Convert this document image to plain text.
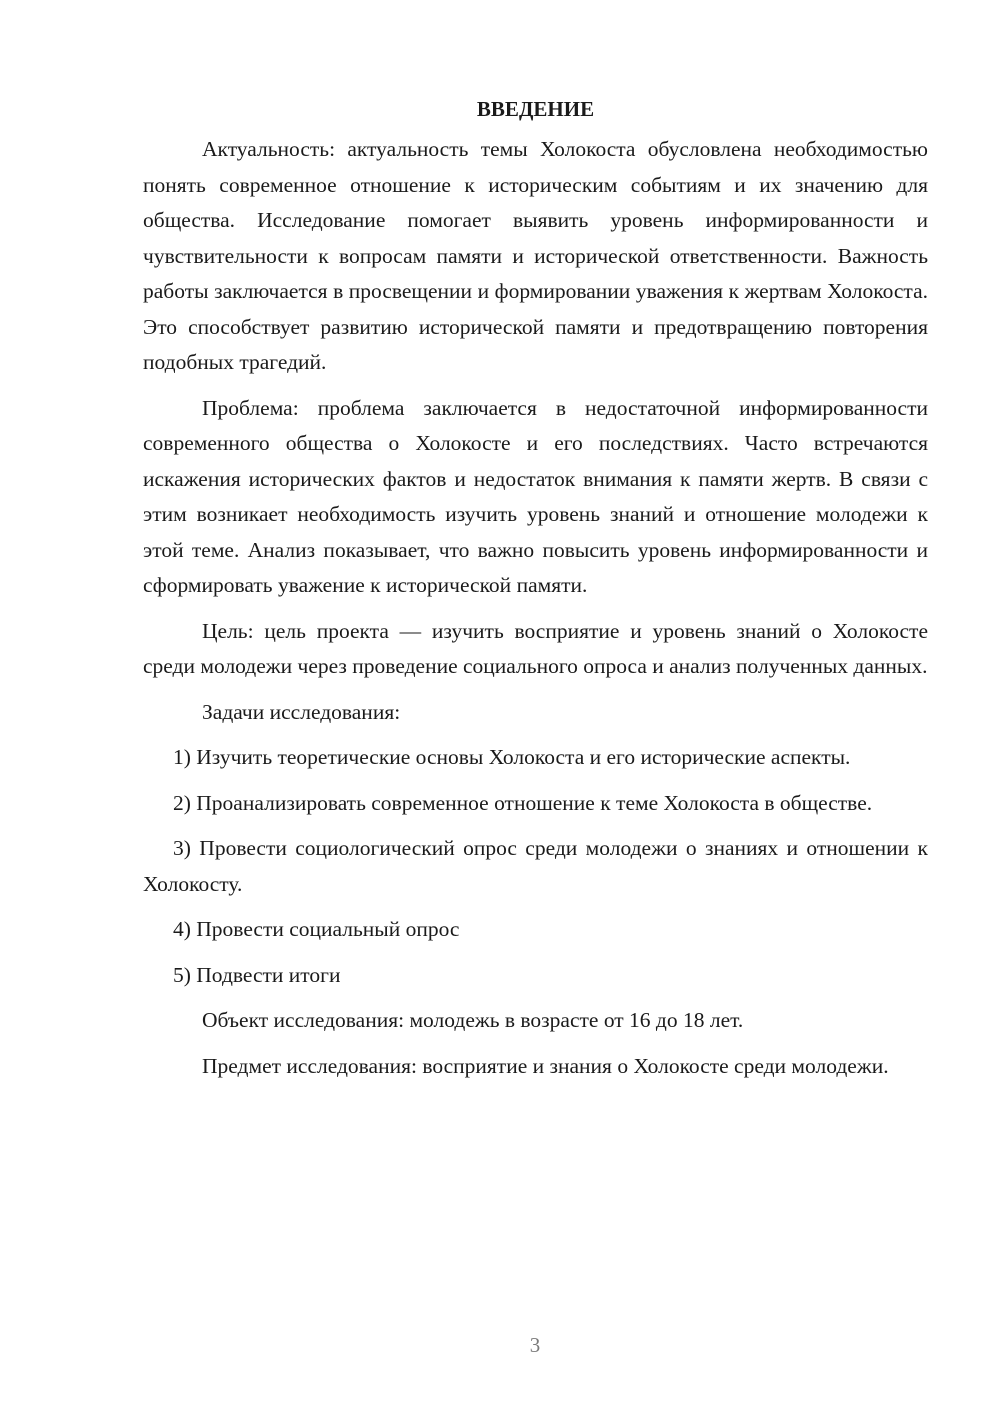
ВВЕДЕНИЕ

Актуальность: актуальность темы Холокоста обусловлена необходимостью понять современное отношение к историческим событиям и их значению для общества. Исследование помогает выявить уровень информированности и чувствительности к вопросам памяти и исторической ответственности. Важность работы заключается в просвещении и формировании уважения к жертвам Холокоста. Это способствует развитию исторической памяти и предотвращению повторения подобных трагедий.

Проблема: проблема заключается в недостаточной информированности современного общества о Холокосте и его последствиях. Часто встречаются искажения исторических фактов и недостаток внимания к памяти жертв. В связи с этим возникает необходимость изучить уровень знаний и отношение молодежи к этой теме. Анализ показывает, что важно повысить уровень информированности и сформировать уважение к исторической памяти.

Цель: цель проекта — изучить восприятие и уровень знаний о Холокосте среди молодежи через проведение социального опроса и анализ полученных данных.

Задачи исследования:

1) Изучить теоретические основы Холокоста и его исторические аспекты.

2) Проанализировать современное отношение к теме Холокоста в обществе.

3) Провести социологический опрос среди молодежи о знаниях и отношении к Холокосту.

4) Провести социальный опрос

5) Подвести итоги

Объект исследования: молодежь в возрасте от 16 до 18 лет.

Предмет исследования: восприятие и знания о Холокосте среди молодежи.

3
